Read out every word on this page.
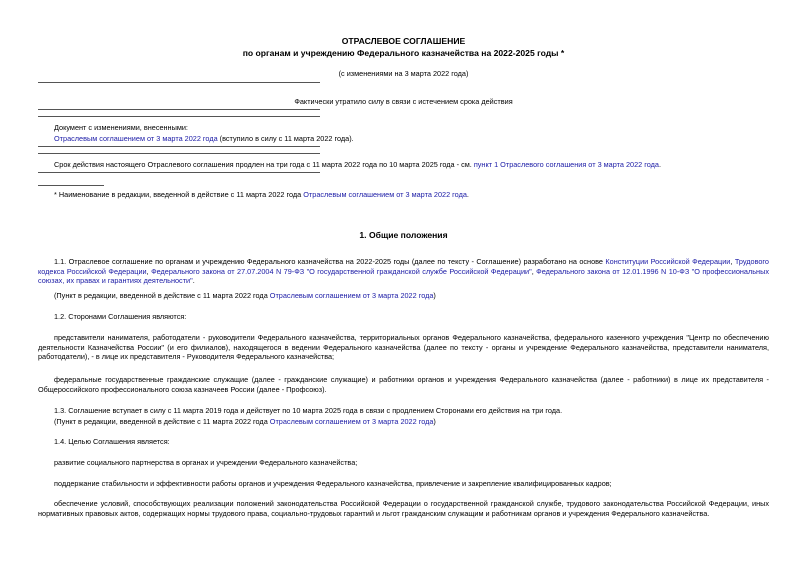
ОТРАСЛЕВОЕ СОГЛАШЕНИЕ
по органам и учреждению Федерального казначейства на 2022-2025 годы *
(с изменениями на 3 марта 2022 года)
Фактически утратило силу в связи с истечением срока действия
Документ с изменениями, внесенными:
Отраслевым соглашением от 3 марта 2022 года (вступило в силу с 11 марта 2022 года).
Срок действия настоящего Отраслевого соглашения продлен на три года с 11 марта 2022 года по 10 марта 2025 года - см. пункт 1 Отраслевого соглашения от 3 марта 2022 года.
* Наименование в редакции, введенной в действие с 11 марта 2022 года Отраслевым соглашением от 3 марта 2022 года.
1. Общие положения
1.1. Отраслевое соглашение по органам и учреждению Федерального казначейства на 2022-2025 годы (далее по тексту - Соглашение) разработано на основе Конституции Российской Федерации, Трудового кодекса Российской Федерации, Федерального закона от 27.07.2004 N 79-ФЗ "О государственной гражданской службе Российской Федерации", Федерального закона от 12.01.1996 N 10-ФЗ "О профессиональных союзах, их правах и гарантиях деятельности".
(Пункт в редакции, введенной в действие с 11 марта 2022 года Отраслевым соглашением от 3 марта 2022 года)
1.2. Сторонами Соглашения являются:
представители нанимателя, работодатели - руководители Федерального казначейства, территориальных органов Федерального казначейства, федерального казенного учреждения "Центр по обеспечению деятельности Казначейства России" (и его филиалов), находящегося в ведении Федерального казначейства (далее по тексту - органы и учреждение Федерального казначейства, представители нанимателя, работодатели), - в лице их представителя - Руководителя Федерального казначейства;
федеральные государственные гражданские служащие (далее - гражданские служащие) и работники органов и учреждения Федерального казначейства (далее - работники) в лице их представителя - Общероссийского профессионального союза казначеев России (далее - Профсоюз).
1.3. Соглашение вступает в силу с 11 марта 2019 года и действует по 10 марта 2025 года в связи с продлением Сторонами его действия на три года.
(Пункт в редакции, введенной в действие с 11 марта 2022 года Отраслевым соглашением от 3 марта 2022 года)
1.4. Целью Соглашения является:
развитие социального партнерства в органах и учреждении Федерального казначейства;
поддержание стабильности и эффективности работы органов и учреждения Федерального казначейства, привлечение и закрепление квалифицированных кадров;
обеспечение условий, способствующих реализации положений законодательства Российской Федерации о государственной гражданской службе, трудового законодательства Российской Федерации, иных нормативных правовых актов, содержащих нормы трудового права, социально-трудовых гарантий и льгот гражданским служащим и работникам органов и учреждения Федерального казначейства.
